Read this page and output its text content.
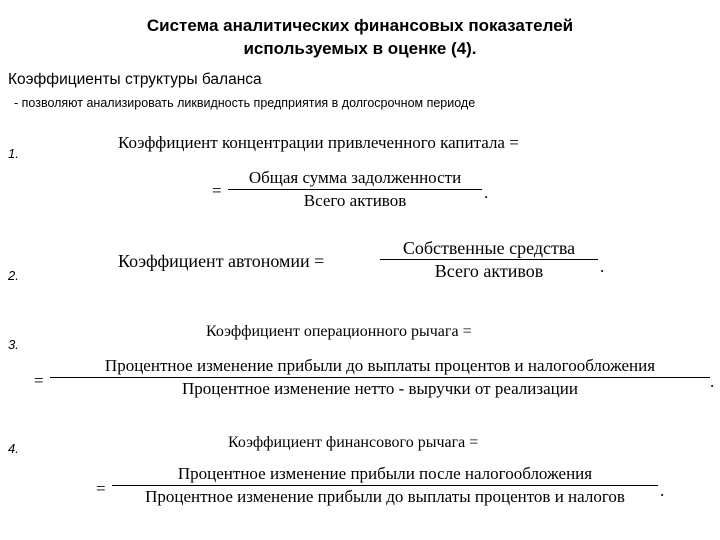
Система аналитических финансовых показателей
используемых в оценке (4).
Коэффициенты структуры баланса
- позволяют анализировать ликвидность предприятия в долгосрочном периоде
1.
Коэффициент концентрации привлеченного капитала =
=
Общая сумма задолженности
Всего активов	.
2.
Коэффициент автономии =
Собственные средства
Всего активов	.
3.
Коэффициент операционного рычага =
=
Процентное изменение прибыли до выплаты процентов и налогообложения
Процентное изменение нетто - выручки от реализации	.
4.	Коэффициент финансового рычага =
=
Процентное изменение прибыли после налогообложения
Процентное изменение прибыли до выплаты процентов и налогов .
